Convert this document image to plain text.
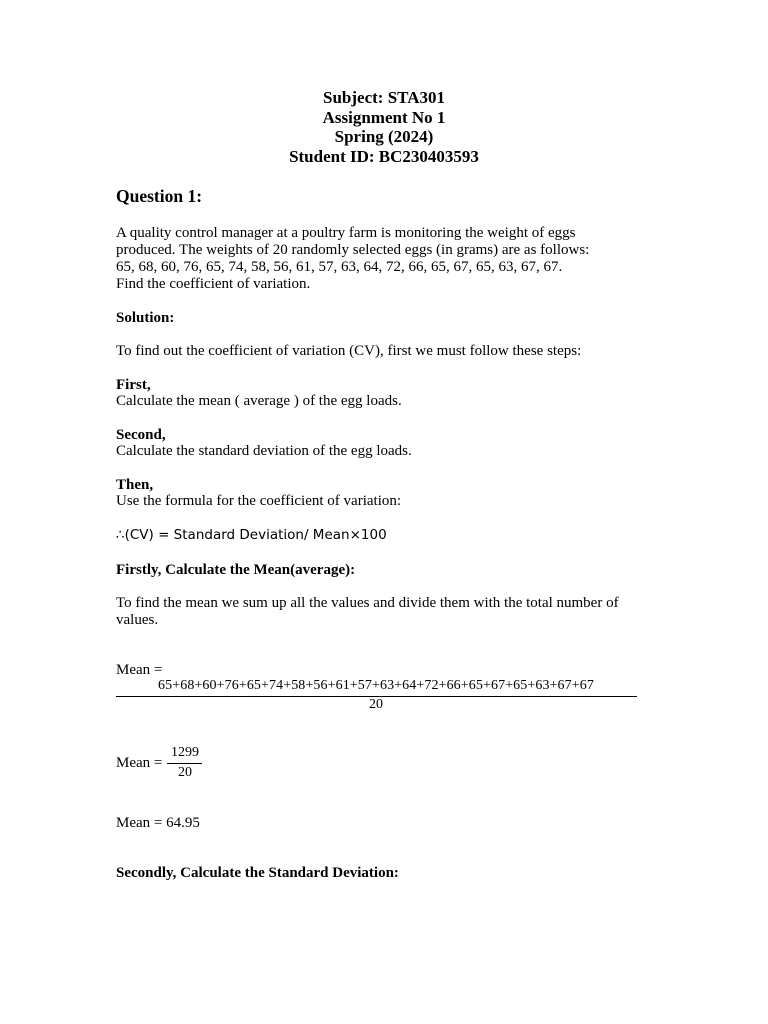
Subject: STA301
Assignment No 1
Spring (2024)
Student ID: BC230403593
Question 1:
A quality control manager at a poultry farm is monitoring the weight of eggs
produced. The weights of 20 randomly selected eggs (in grams) are as follows:
65, 68, 60, 76, 65, 74, 58, 56, 61, 57, 63, 64, 72, 66, 65, 67, 65, 63, 67, 67.
Find the coefficient of variation.
Solution:
To find out the coefficient of variation (CV), first we must follow these steps:
First,
Calculate the mean ( average ) of the egg loads.
Second,
Calculate the standard deviation of the egg loads.
Then,
Use the formula for the coefficient of variation:
∴(CV) = Standard Deviation/ Mean×100
Firstly, Calculate the Mean(average):
To find the mean we sum up all the values and divide them with the total number of
values.
Mean =
65+68+60+76+65+74+58+56+61+57+63+64+72+66+65+67+65+63+67+67
20
Mean =
1299
20
Mean = 64.95
Secondly, Calculate the Standard Deviation:
